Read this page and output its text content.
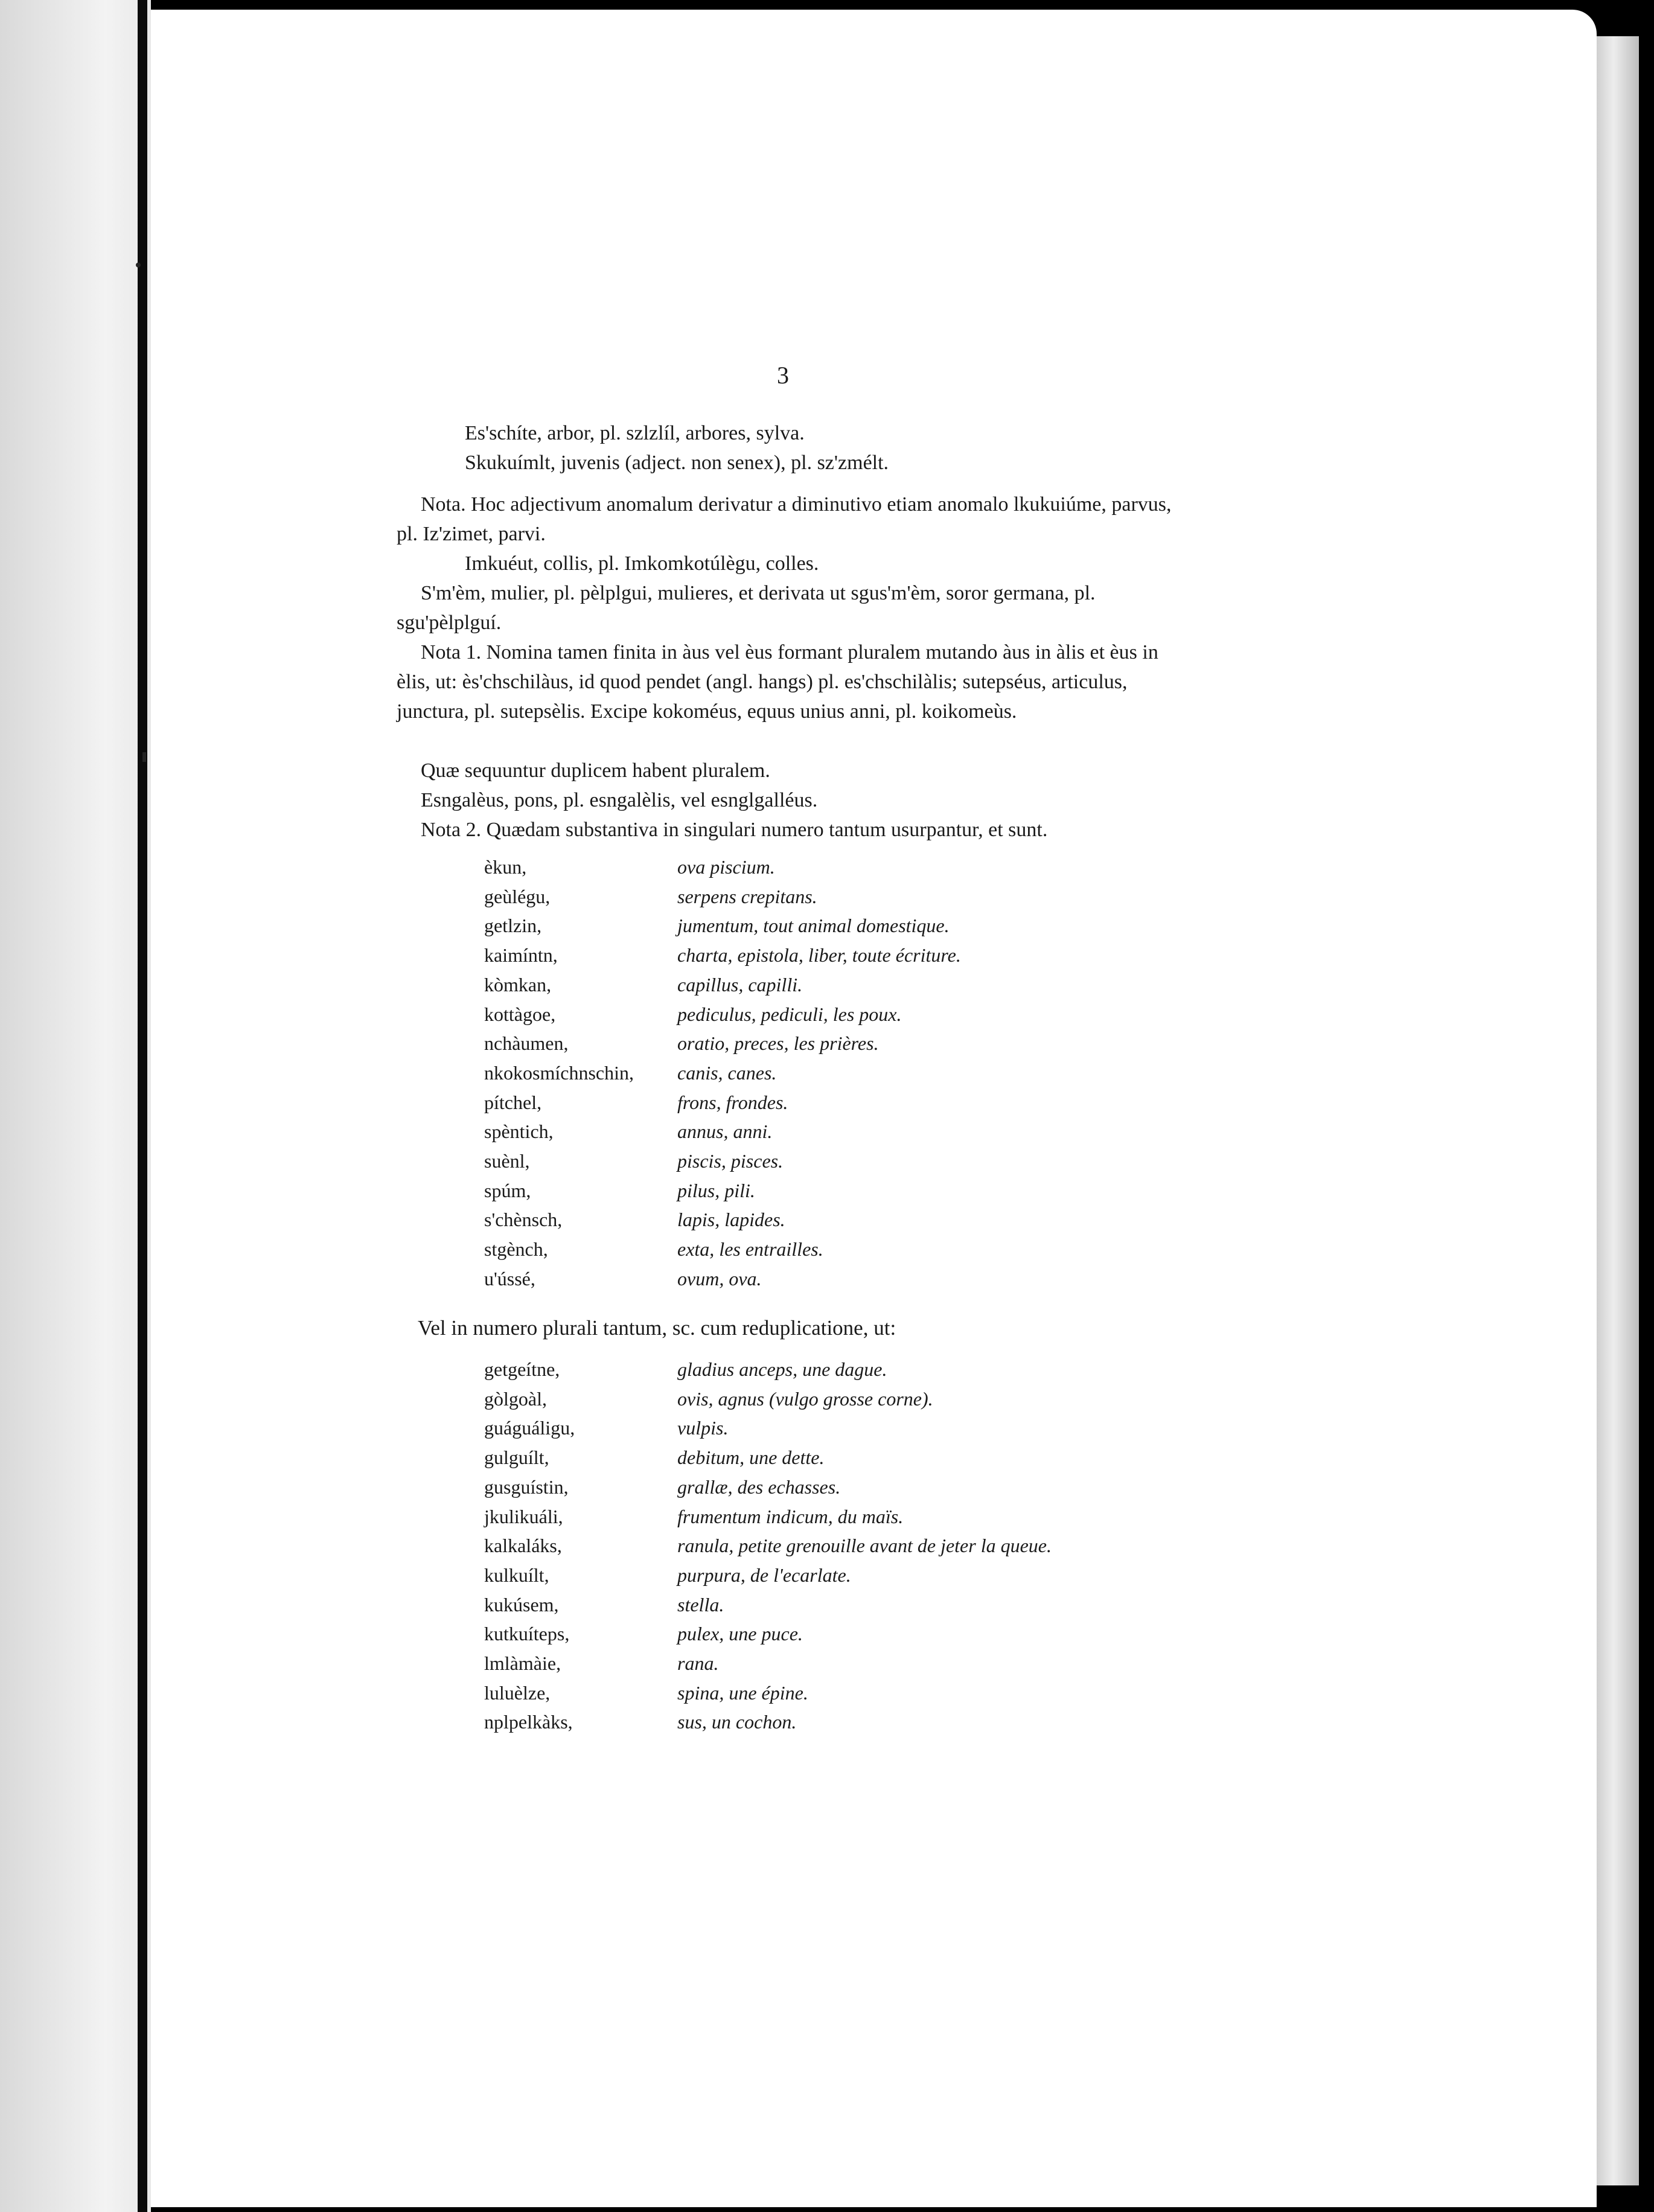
3
Es'schíte, arbor, pl. szlzlíl, arbores, sylva.
Skukuímlt, juvenis (adject. non senex), pl. sz'zmélt.
Nota. Hoc adjectivum anomalum derivatur a diminutivo etiam anomalo lkukuiúme, parvus, pl. Iz'zimet, parvi.
Imkuéut, collis, pl. Imkomkotúlègu, colles.
S'm'èm, mulier, pl. pèlplgui, mulieres, et derivata ut sgus'm'èm, soror germana, pl. sgu'pèlplguí.
Nota 1. Nomina tamen finita in àus vel èus formant pluralem mutando àus in àlis et èus in èlis, ut: ès'chschilàus, id quod pendet (angl. hangs) pl. es'chschilàlis; sutepséus, articulus, junctura, pl. sutepsèlis. Excipe kokoméus, equus unius anni, pl. koikomeùs.
Quæ sequuntur duplicem habent pluralem.
Esngalèus, pons, pl. esngalèlis, vel esnglgalléus.
Nota 2. Quædam substantiva in singulari numero tantum usurpantur, et sunt.
èkun,	ova piscium.
geùlégu,	serpens crepitans.
getlzin,	jumentum, tout animal domestique.
kaimíntn,	charta, epistola, liber, toute écriture.
kòmkan,	capillus, capilli.
kottàgoe,	pediculus, pediculi, les poux.
nchàumen,	oratio, preces, les prières.
nkokosmíchnschin,	canis, canes.
pítchel,	frons, frondes.
spèntich,	annus, anni.
suènl,	piscis, pisces.
spúm,	pilus, pili.
s'chènsch,	lapis, lapides.
stgènch,	exta, les entrailles.
u'ússé,	ovum, ova.
Vel in numero plurali tantum, sc. cum reduplicatione, ut:
getgeítne,	gladius anceps, une dague.
gòlgoàl,	ovis, agnus (vulgo grosse corne).
guáguáligu,	vulpis.
gulguílt,	debitum, une dette.
gusguístin,	grallæ, des echasses.
jkulikuáli,	frumentum indicum, du maïs.
kalkaláks,	ranula, petite grenouille avant de jeter la queue.
kulkuílt,	purpura, de l'ecarlate.
kukúsem,	stella.
kutkuíteps,	pulex, une puce.
lmlàmàie,	rana.
luluèlze,	spina, une épine.
nplpelkàks,	sus, un cochon.
